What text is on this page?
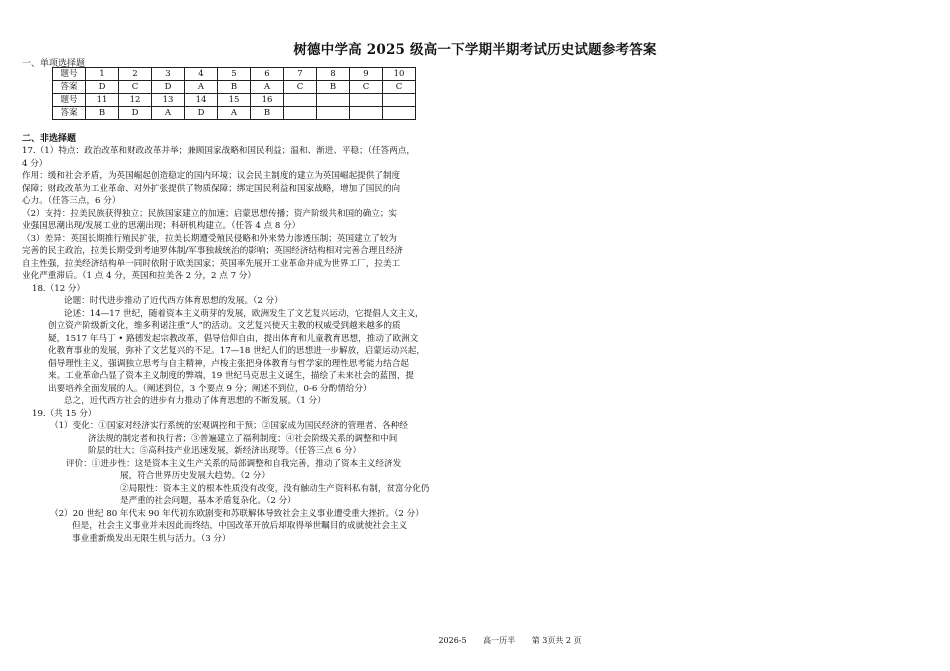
树德中学高 2025 级高一下学期半期考试历史试题参考答案
一、单项选择题
题号	1	2	3	4	5	6	7	8	9	10
答案	D	C	D	A	B	A	C	B	C	C
题号	11	12	13	14	15	16				
答案	B	D	A	D	A	B				
二、非选择题

17.（1）特点：政治改革和财政改革并举；兼顾国家战略和国民利益；温和、渐进、平稳；（任答两点，

4 分）

作用：缓和社会矛盾，为英国崛起创造稳定的国内环境；议会民主制度的建立为英国崛起提供了制度

保障；财政改革为工业革命、对外扩张提供了物质保障；绑定国民利益和国家战略，增加了国民的向

心力。（任答三点，6 分）

（2）支持：拉美民族获得独立；民族国家建立的加速；启蒙思想传播；资产阶级共和国的确立；实

业强国思潮出现/发展工业的思潮出现；科研机构建立。（任答 4 点 8 分）

（3）差异：英国长期推行殖民扩张，拉美长期遭受殖民侵略和外来势力渗透压制；英国建立了较为

完善的民主政治，拉美长期受到考迪罗体制/军事独裁统治的影响；英国经济结构相对完善合理且经济

自主性强，拉美经济结构单一同时依附于欧美国家；英国率先展开工业革命并成为世界工厂，拉美工

业化严重滞后。（1 点 4 分，英国和拉美各 2 分，2 点 7 分）

18.（12 分）

论题：时代进步推动了近代西方体育思想的发展。（2 分）

论述：14—17 世纪，随着资本主义萌芽的发展，欧洲发生了文艺复兴运动，它提倡人文主义，

创立资产阶级新文化，维多利诺注重“人”的活动。文艺复兴使天主教的权威受到越来越多的质

疑，1517 年马丁 • 路德发起宗教改革，倡导信仰自由，提出体育和儿童教育思想，推动了欧洲文

化教育事业的发展，弥补了文艺复兴的不足。17—18 世纪人们的思想进一步解放，启蒙运动兴起，

倡导理性主义，强调独立思考与自主精神，卢梭主张把身体教育与哲学家的理性思考能力结合起

来。工业革命凸显了资本主义制度的弊端，19 世纪马克思主义诞生，描绘了未来社会的蓝图，提

出要培养全面发展的人。（阐述到位，3 个要点 9 分；阐述不到位，0-6 分酌情给分）

总之，近代西方社会的进步有力推动了体育思想的不断发展。（1 分）

19.（共 15 分）

（1）变化：①国家对经济实行系统的宏观调控和干预；②国家成为国民经济的管理者、各种经

济法规的制定者和执行者；③普遍建立了福利制度；④社会阶级关系的调整和中间

阶层的壮大；⑤高科技产业迅速发展，新经济出现等。（任答三点 6 分）

评价：①进步性：这是资本主义生产关系的局部调整和自我完善，推动了资本主义经济发

展，符合世界历史发展大趋势。（2 分）

②局限性：资本主义的根本性质没有改变，没有触动生产资料私有制，贫富分化仍

是严重的社会问题，基本矛盾复杂化。（2 分）

（2）20 世纪 80 年代末 90 年代初东欧剧变和苏联解体导致社会主义事业遭受重大挫折。（2 分）

但是，社会主义事业并未因此而终结，中国改革开放后却取得举世瞩目的成就使社会主义

事业重新焕发出无限生机与活力。（3 分）

2026-5 高一历半 第 3页共 2 页
